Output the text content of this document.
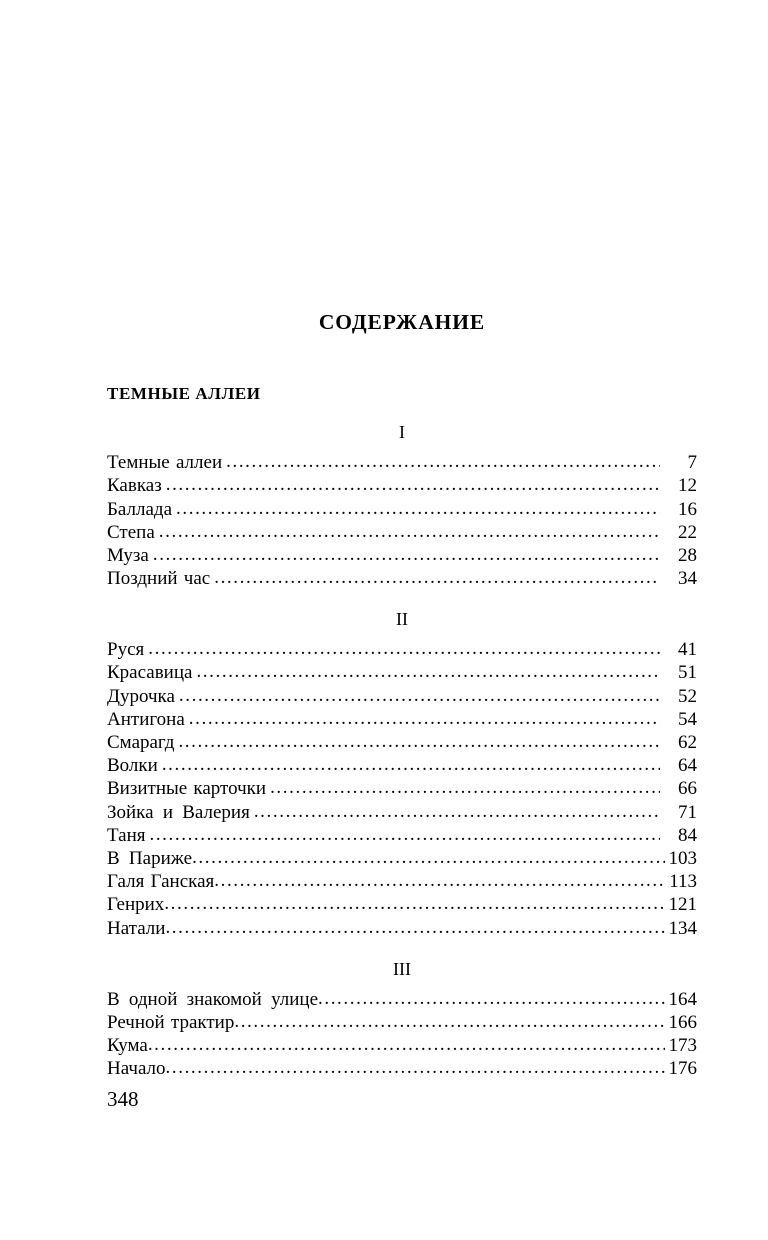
СОДЕРЖАНИЕ
ТЕМНЫЕ АЛЛЕИ
I
Темные аллеи .....	7
Кавказ .....	12
Баллада .....	16
Степа .....	22
Муза .....	28
Поздний час .....	34
II
Руся .....	41
Красавица .....	51
Дурочка .....	52
Антигона .....	54
Смарагд .....	62
Волки .....	64
Визитные карточки .....	66
Зойка и Валерия .....	71
Таня .....	84
В Париже .....	103
Галя Ганская .....	113
Генрих .....	121
Натали .....	134
III
В одной знакомой улице .....	164
Речной трактир .....	166
Кума .....	173
Начало .....	176
348
